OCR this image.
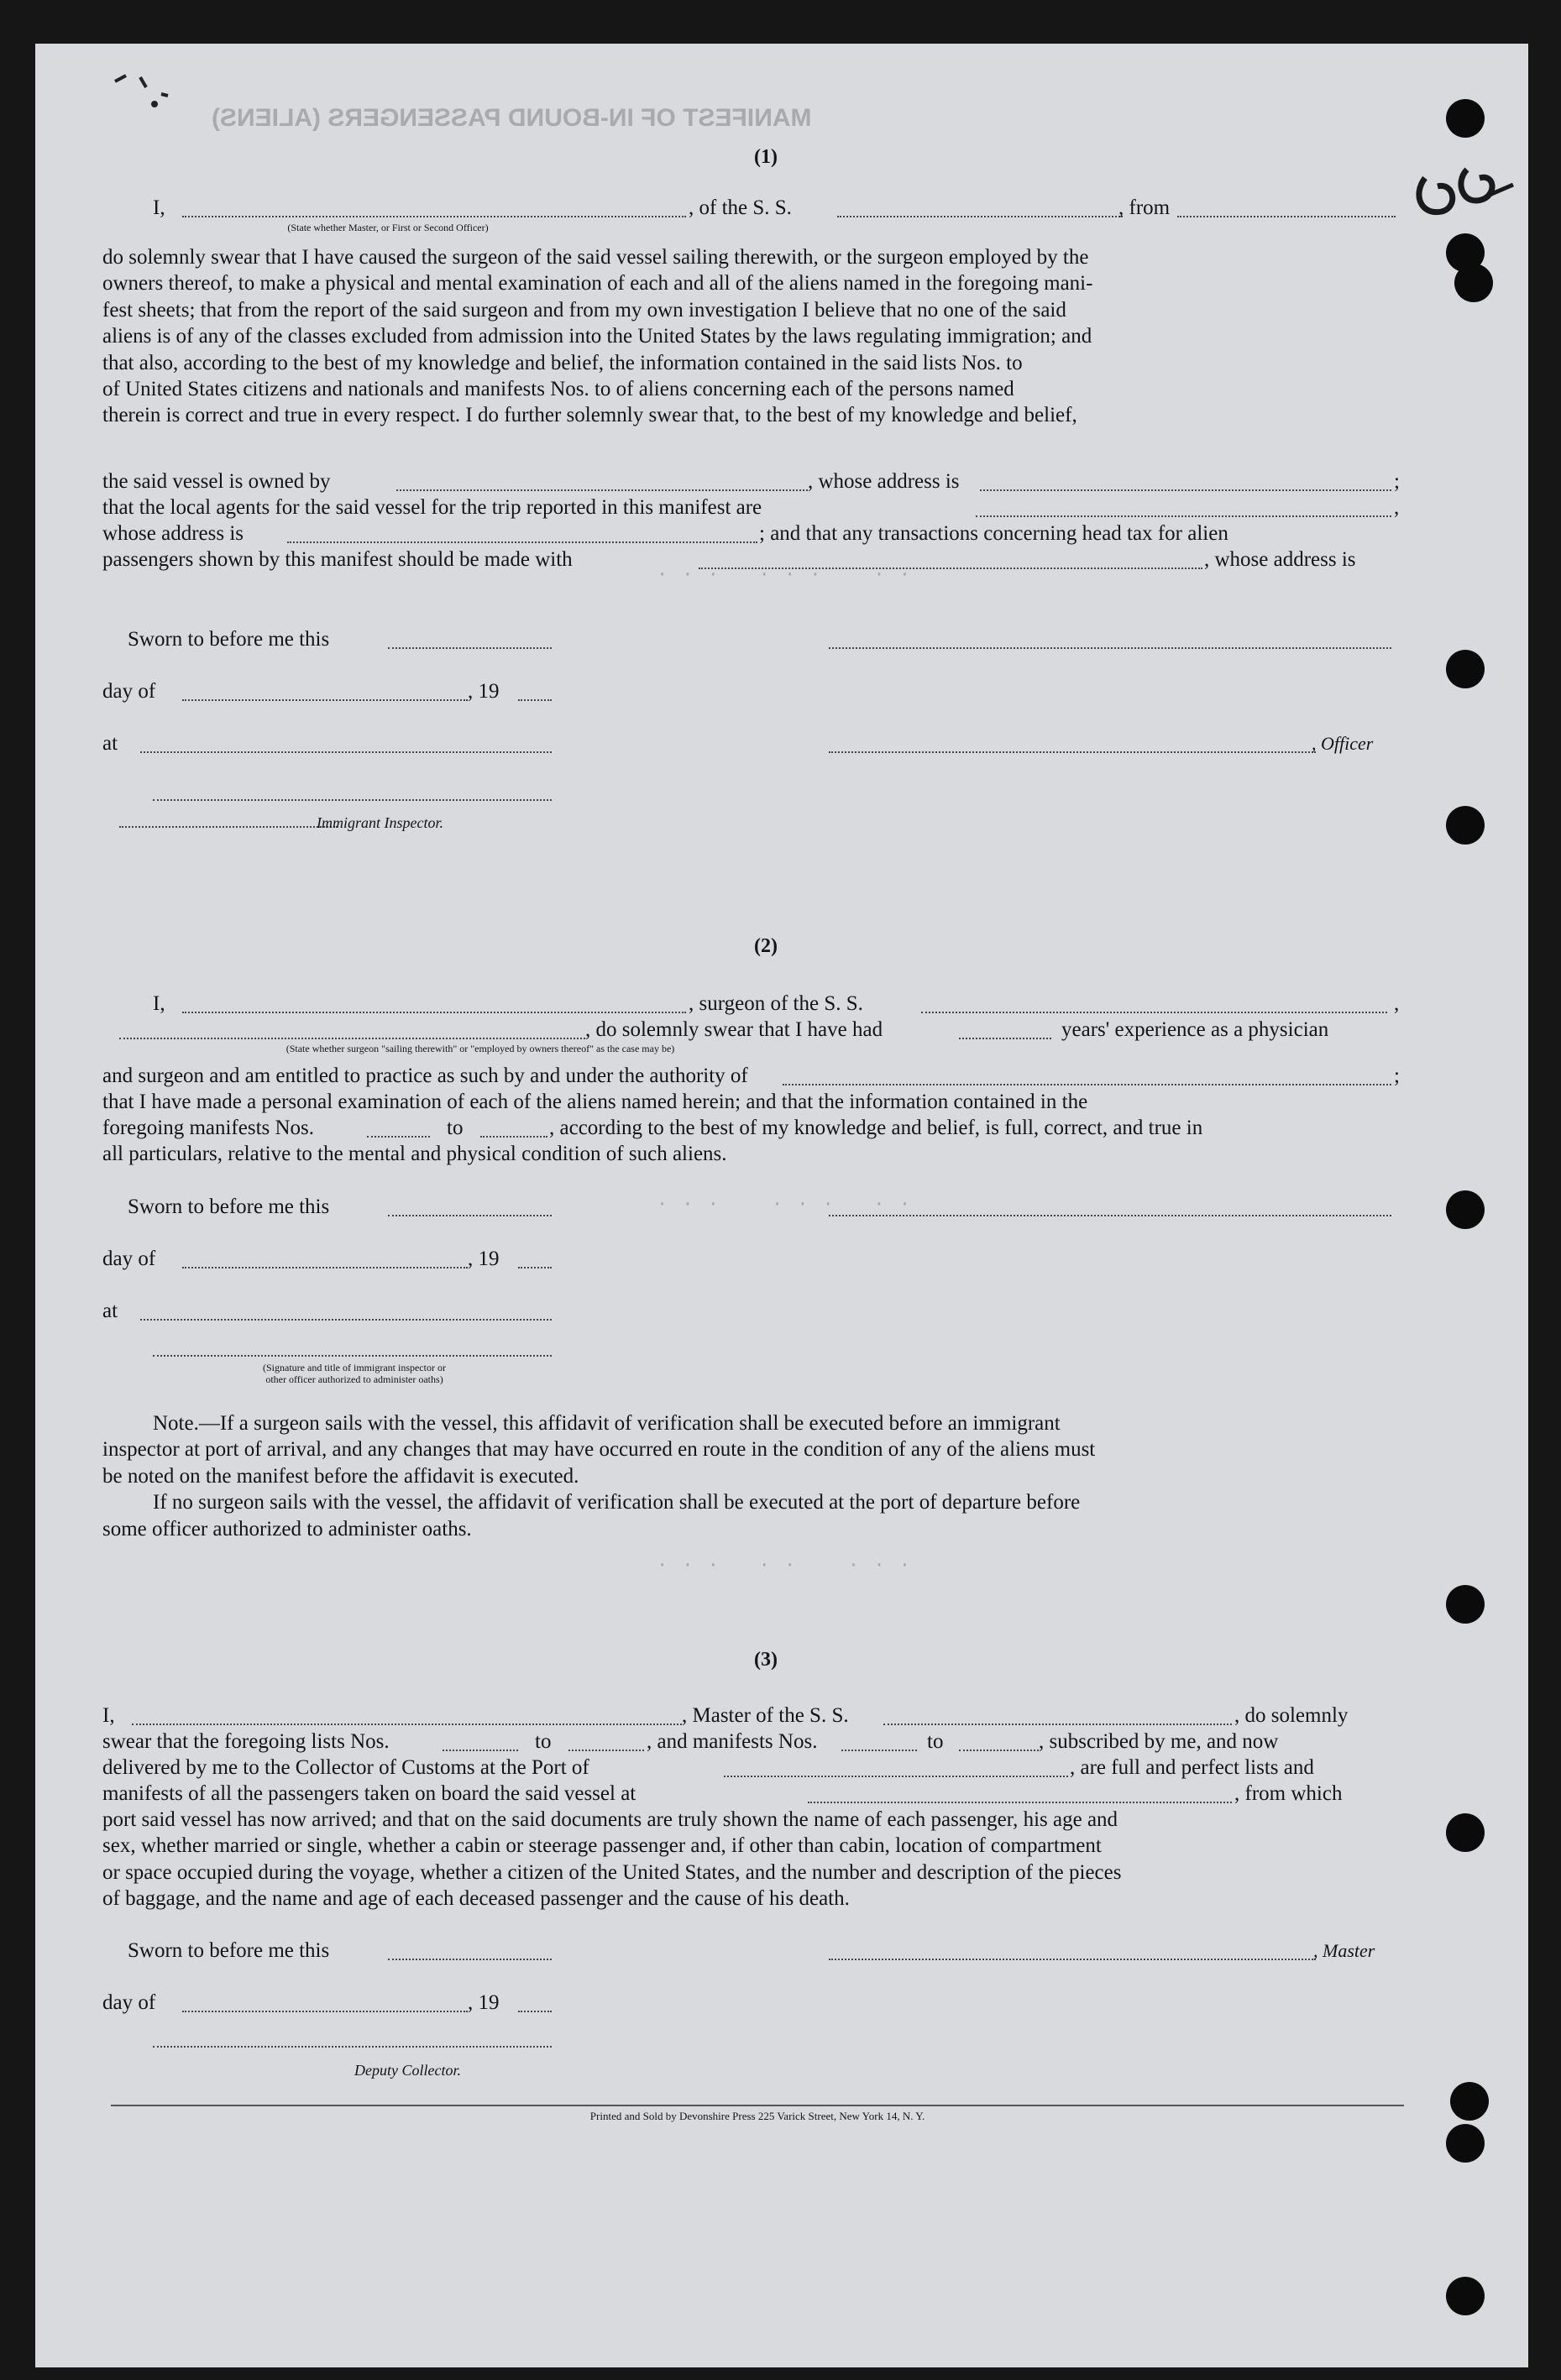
MANIFEST OF IN-BOUND PASSENGERS (ALIENS)
· · ·   · · ·    · ·
· · ·    · · ·   · ·
· · ·   · ·    · · ·
(1)
I,	, of the S. S.	, from
(State whether Master, or First or Second Officer)
do solemnly swear that I have caused the surgeon of the said vessel sailing therewith, or the surgeon employed by the
owners thereof, to make a physical and mental examination of each and all of the aliens named in the foregoing mani-
fest sheets; that from the report of the said surgeon and from my own investigation I believe that no one of the said
aliens is of any of the classes excluded from admission into the United States by the laws regulating immigration; and
that also, according to the best of my knowledge and belief, the information contained in the said lists Nos. to
of United States citizens and nationals and manifests Nos. to of aliens concerning each of the persons named
therein is correct and true in every respect. I do further solemnly swear that, to the best of my knowledge and belief,
the said vessel is owned by	, whose address is	;
that the local agents for the said vessel for the trip reported in this manifest are	,
whose address is	; and that any transactions concerning head tax for alien
passengers shown by this manifest should be made with	, whose address is
Sworn to before me this
day of	, 19
at	, Officer
Immigrant Inspector.
(2)
I,	, surgeon of the S. S.	,
, do solemnly swear that I have had	years' experience as a physician
(State whether surgeon "sailing therewith" or "employed by owners thereof" as the case may be)
and surgeon and am entitled to practice as such by and under the authority of	;
that I have made a personal examination of each of the aliens named herein; and that the information contained in the
foregoing manifests Nos.	to	, according to the best of my knowledge and belief, is full, correct, and true in
all particulars, relative to the mental and physical condition of such aliens.
Sworn to before me this
day of	, 19
at
(Signature and title of immigrant inspector or
other officer authorized to administer oaths)
Note.—If a surgeon sails with the vessel, this affidavit of verification shall be executed before an immigrant
inspector at port of arrival, and any changes that may have occurred en route in the condition of any of the aliens must
be noted on the manifest before the affidavit is executed.
If no surgeon sails with the vessel, the affidavit of verification shall be executed at the port of departure before
some officer authorized to administer oaths.
(3)
I,	, Master of the S. S.	, do solemnly
swear that the foregoing lists Nos.	to	, and manifests Nos.	to	, subscribed by me, and now
delivered by me to the Collector of Customs at the Port of	, are full and perfect lists and
manifests of all the passengers taken on board the said vessel at	, from which
port said vessel has now arrived; and that on the said documents are truly shown the name of each passenger, his age and
sex, whether married or single, whether a cabin or steerage passenger and, if other than cabin, location of compartment
or space occupied during the voyage, whether a citizen of the United States, and the number and description of the pieces
of baggage, and the name and age of each deceased passenger and the cause of his death.
Sworn to before me this	, Master
day of	, 19
Deputy Collector.
Printed and Sold by Devonshire Press 225 Varick Street, New York 14, N. Y.
